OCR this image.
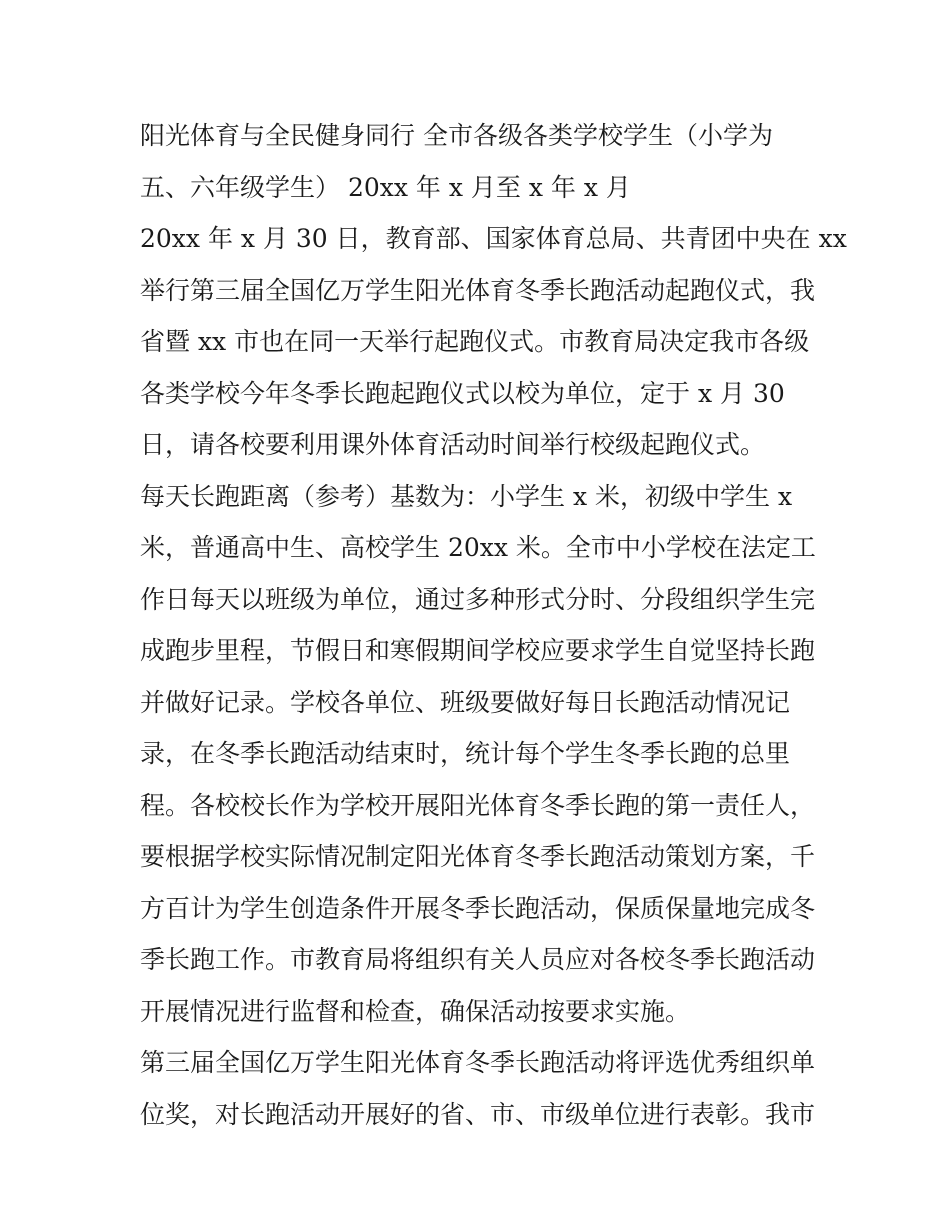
阳光体育与全民健身同行 全市各级各类学校学生（小学为
五、六年级学生） 20xx 年 x 月至 x 年 x 月
20xx 年 x 月 30 日，教育部、国家体育总局、共青团中央在 xx
举行第三届全国亿万学生阳光体育冬季长跑活动起跑仪式，我
省暨 xx 市也在同一天举行起跑仪式。市教育局决定我市各级
各类学校今年冬季长跑起跑仪式以校为单位，定于 x 月 30
日，请各校要利用课外体育活动时间举行校级起跑仪式。
每天长跑距离（参考）基数为：小学生 x 米，初级中学生 x
米，普通高中生、高校学生 20xx 米。全市中小学校在法定工
作日每天以班级为单位，通过多种形式分时、分段组织学生完
成跑步里程，节假日和寒假期间学校应要求学生自觉坚持长跑
并做好记录。学校各单位、班级要做好每日长跑活动情况记
录，在冬季长跑活动结束时，统计每个学生冬季长跑的总里
程。各校校长作为学校开展阳光体育冬季长跑的第一责任人，
要根据学校实际情况制定阳光体育冬季长跑活动策划方案，千
方百计为学生创造条件开展冬季长跑活动，保质保量地完成冬
季长跑工作。市教育局将组织有关人员应对各校冬季长跑活动
开展情况进行监督和检查，确保活动按要求实施。
第三届全国亿万学生阳光体育冬季长跑活动将评选优秀组织单
位奖，对长跑活动开展好的省、市、市级单位进行表彰。我市
